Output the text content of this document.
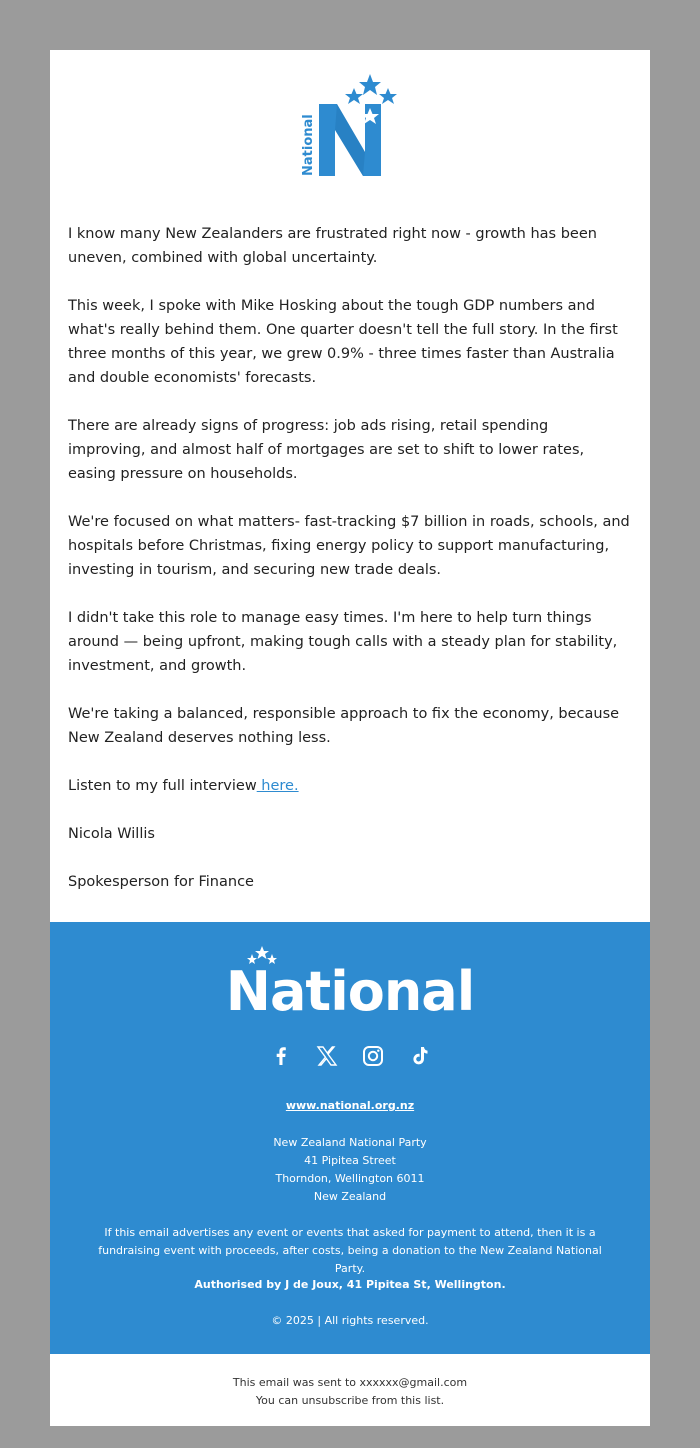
National

I know many New Zealanders are frustrated right now - growth has been uneven, combined with global uncertainty.

This week, I spoke with Mike Hosking about the tough GDP numbers and what's really behind them. One quarter doesn't tell the full story. In the first three months of this year, we grew 0.9% - three times faster than Australia and double economists' forecasts.

There are already signs of progress: job ads rising, retail spending improving, and almost half of mortgages are set to shift to lower rates, easing pressure on households.

We're focused on what matters- fast-tracking $7 billion in roads, schools, and hospitals before Christmas, fixing energy policy to support manufacturing, investing in tourism, and securing new trade deals.

I didn't take this role to manage easy times. I'm here to help turn things around — being upfront, making tough calls with a steady plan for stability, investment, and growth.

We're taking a balanced, responsible approach to fix the economy, because New Zealand deserves nothing less.

Listen to my full interview here.

Nicola Willis

Spokesperson for Finance

National
www.national.org.nz
New Zealand National Party
41 Pipitea Street
Thorndon, Wellington 6011
New Zealand
If this email advertises any event or events that asked for payment to attend, then it is a fundraising event with proceeds, after costs, being a donation to the New Zealand National Party.
Authorised by J de Joux, 41 Pipitea St, Wellington.
© 2025 | All rights reserved.
This email was sent to xxxxxx@gmail.com
You can unsubscribe from this list.
